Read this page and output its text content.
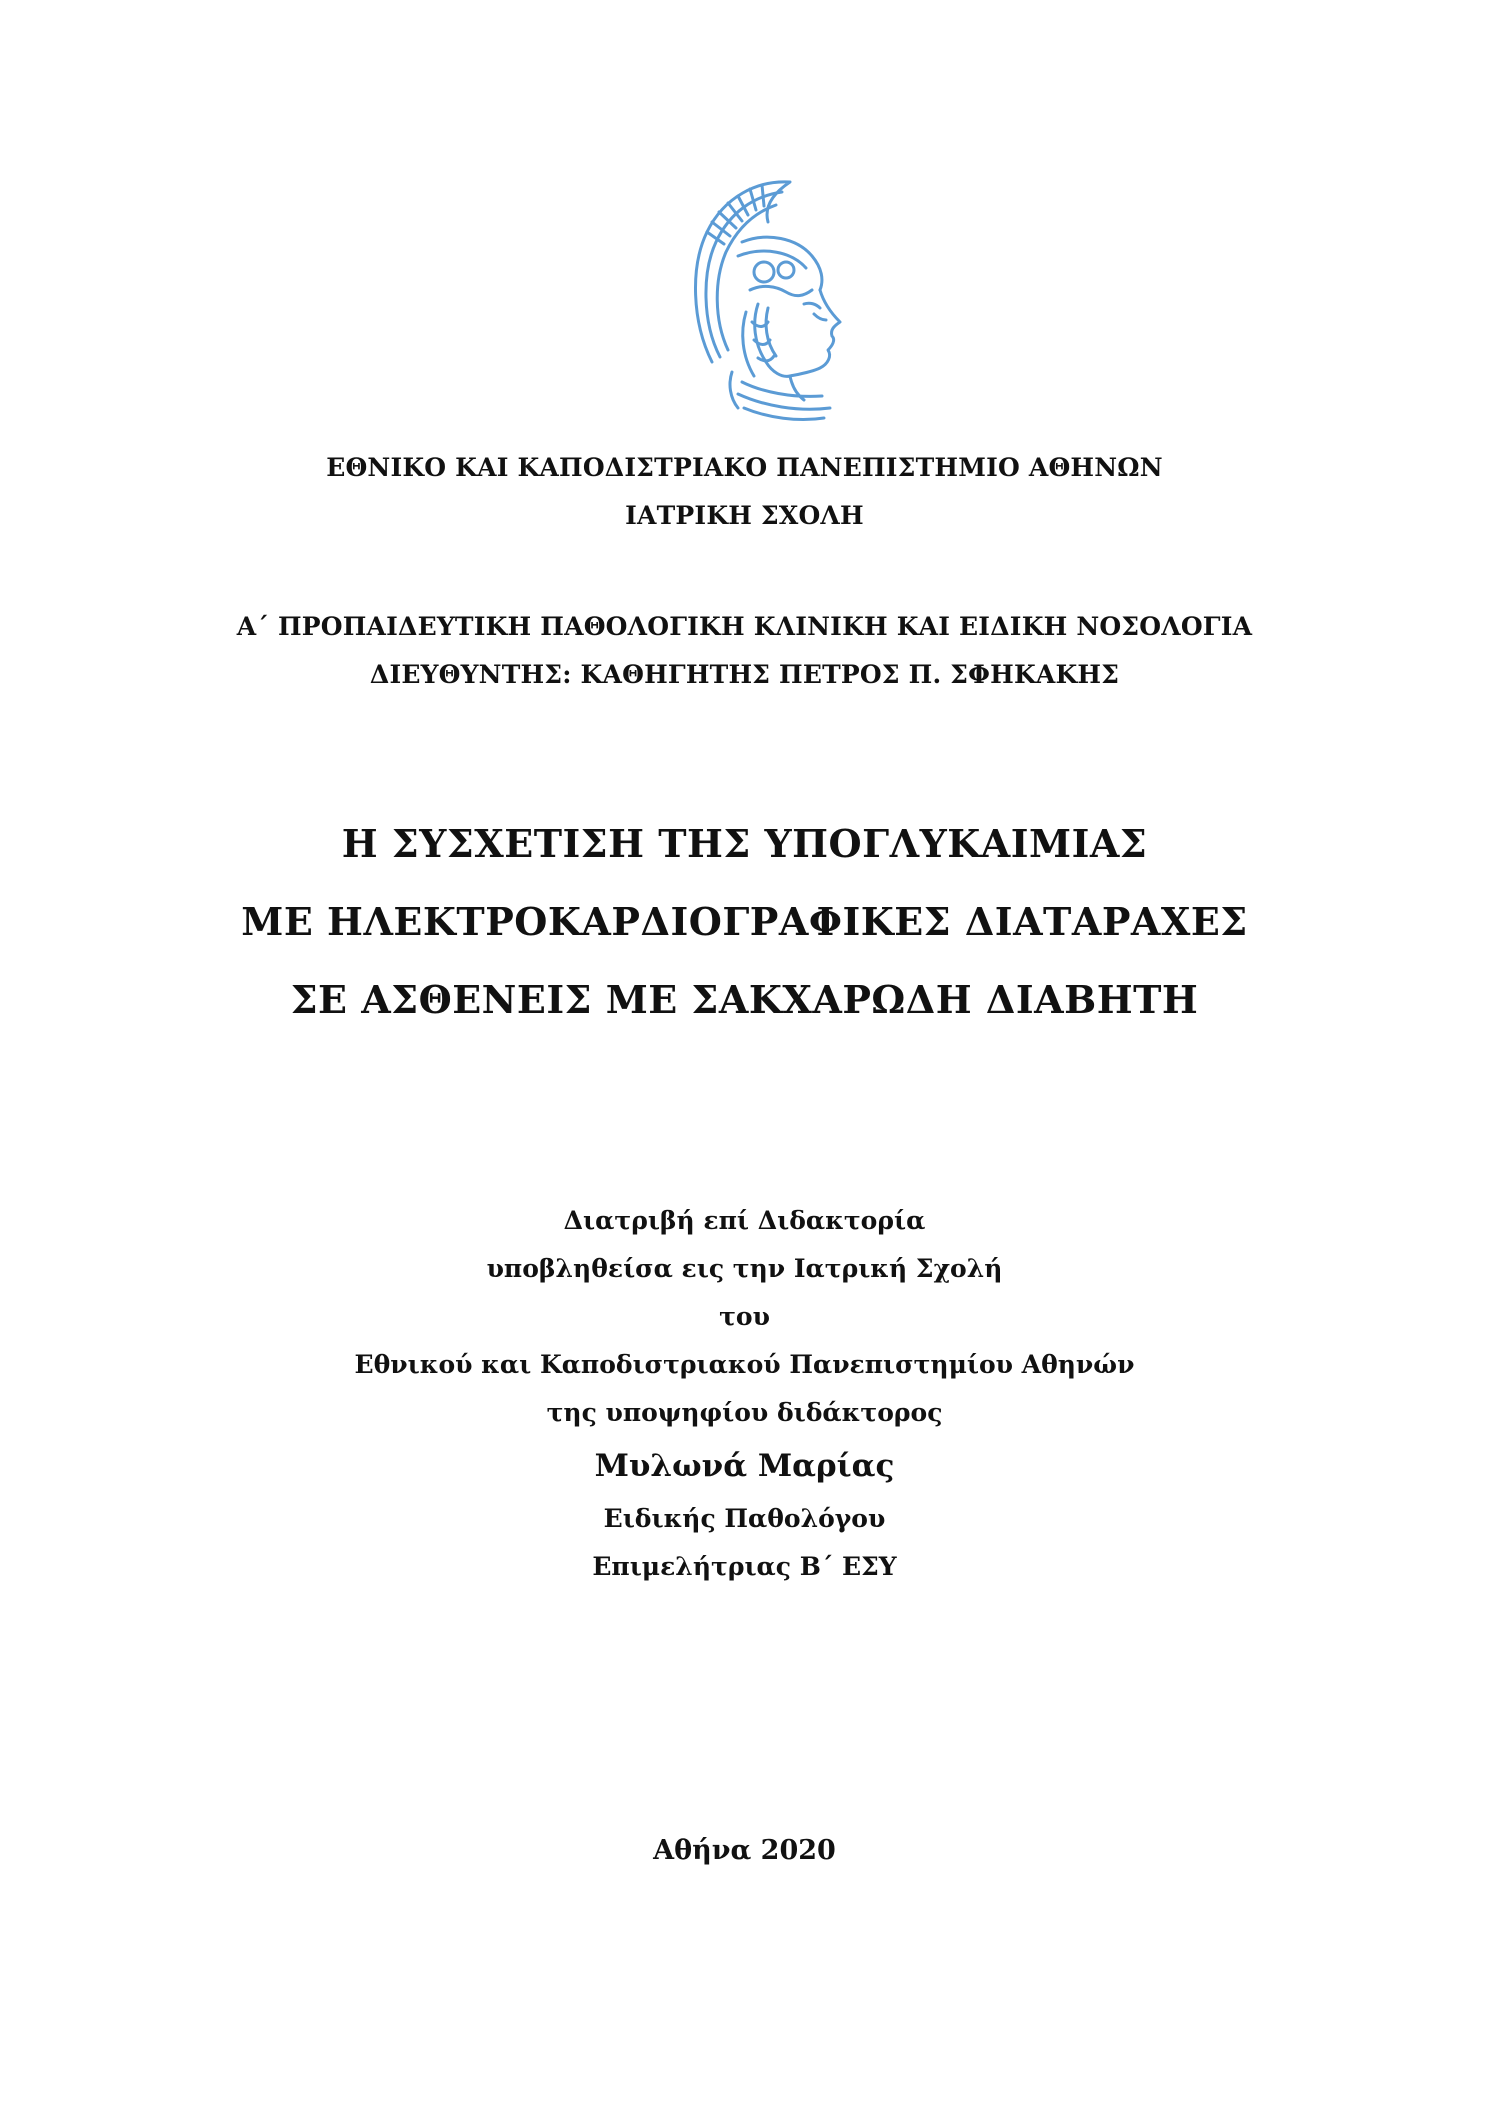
ΕΘΝΙΚΟ ΚΑΙ ΚΑΠΟΔΙΣΤΡΙΑΚΟ ΠΑΝΕΠΙΣΤΗΜΙΟ ΑΘΗΝΩΝ
ΙΑΤΡΙΚΗ ΣΧΟΛΗ
Α΄ ΠΡΟΠΑΙΔΕΥΤΙΚΗ ΠΑΘΟΛΟΓΙΚΗ ΚΛΙΝΙΚΗ ΚΑΙ ΕΙΔΙΚΗ ΝΟΣΟΛΟΓΙΑ
ΔΙΕΥΘΥΝΤΗΣ: ΚΑΘΗΓΗΤΗΣ ΠΕΤΡΟΣ Π. ΣΦΗΚΑΚΗΣ
Η ΣΥΣΧΕΤΙΣΗ ΤΗΣ ΥΠΟΓΛΥΚΑΙΜΙΑΣ
ΜΕ ΗΛΕΚΤΡΟΚΑΡΔΙΟΓΡΑΦΙΚΕΣ ΔΙΑΤΑΡΑΧΕΣ
ΣΕ ΑΣΘΕΝΕΙΣ ΜΕ ΣΑΚΧΑΡΩΔΗ ΔΙΑΒΗΤΗ
Διατριβή επί Διδακτορία
υποβληθείσα εις την Ιατρική Σχολή
του
Εθνικού και Καποδιστριακού Πανεπιστημίου Αθηνών
της υποψηφίου διδάκτορος
Μυλωνά Μαρίας
Ειδικής Παθολόγου
Επιμελήτριας Β΄ ΕΣΥ
Αθήνα 2020
